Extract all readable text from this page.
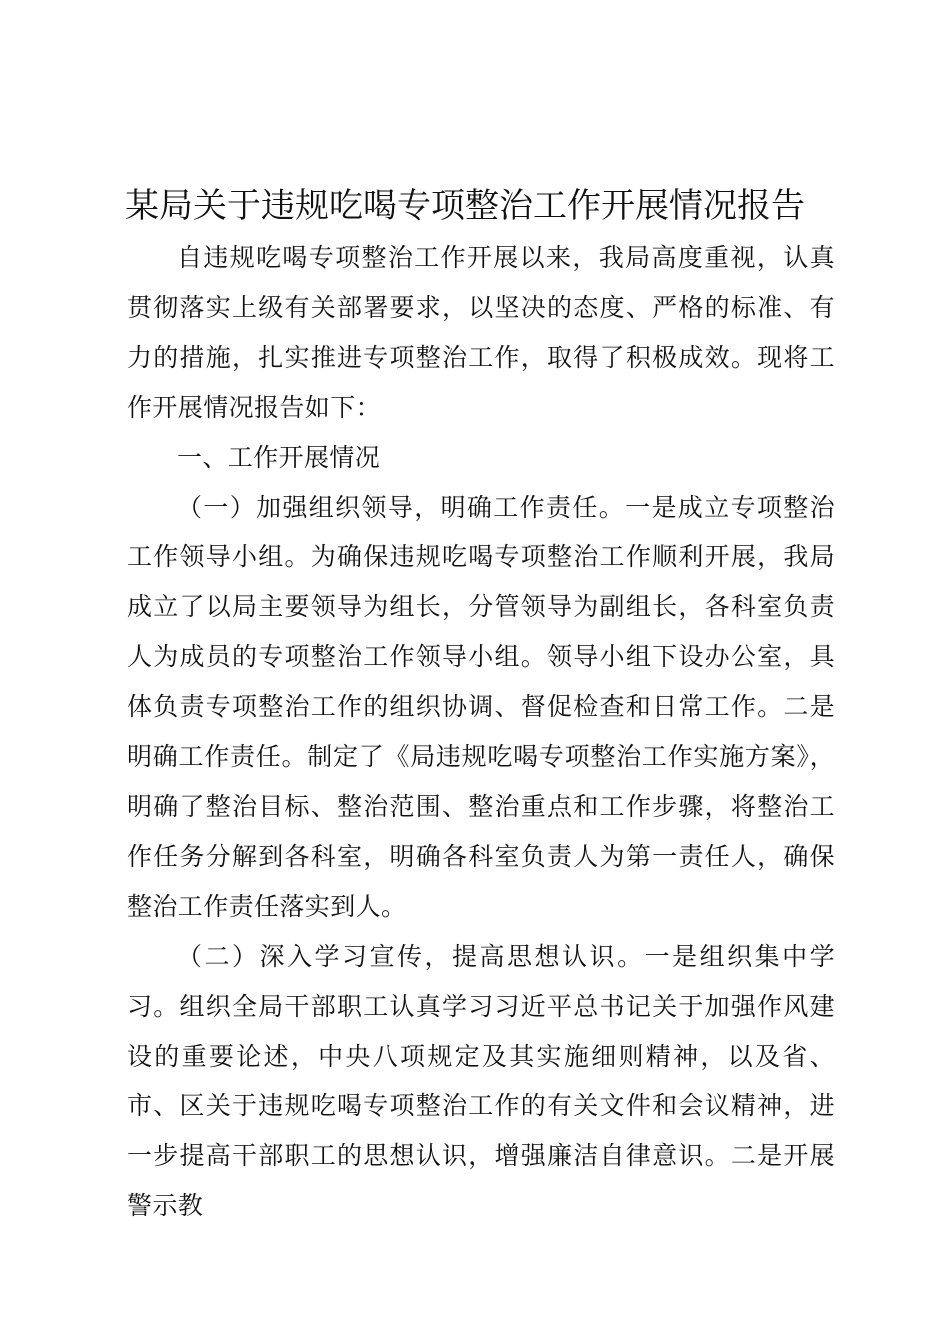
某局关于违规吃喝专项整治工作开展情况报告

自违规吃喝专项整治工作开展以来，我局高度重视，认真贯彻落实上级有关部署要求，以坚决的态度、严格的标准、有力的措施，扎实推进专项整治工作，取得了积极成效。现将工作开展情况报告如下：

一、工作开展情况

（一）加强组织领导，明确工作责任。一是成立专项整治工作领导小组。为确保违规吃喝专项整治工作顺利开展，我局成立了以局主要领导为组长，分管领导为副组长，各科室负责人为成员的专项整治工作领导小组。领导小组下设办公室，具体负责专项整治工作的组织协调、督促检查和日常工作。二是明确工作责任。制定了《局违规吃喝专项整治工作实施方案》，明确了整治目标、整治范围、整治重点和工作步骤，将整治工作任务分解到各科室，明确各科室负责人为第一责任人，确保整治工作责任落实到人。

（二）深入学习宣传，提高思想认识。一是组织集中学习。组织全局干部职工认真学习习近平总书记关于加强作风建设的重要论述，中央八项规定及其实施细则精神，以及省、市、区关于违规吃喝专项整治工作的有关文件和会议精神，进一步提高干部职工的思想认识，增强廉洁自律意识。二是开展警示教
